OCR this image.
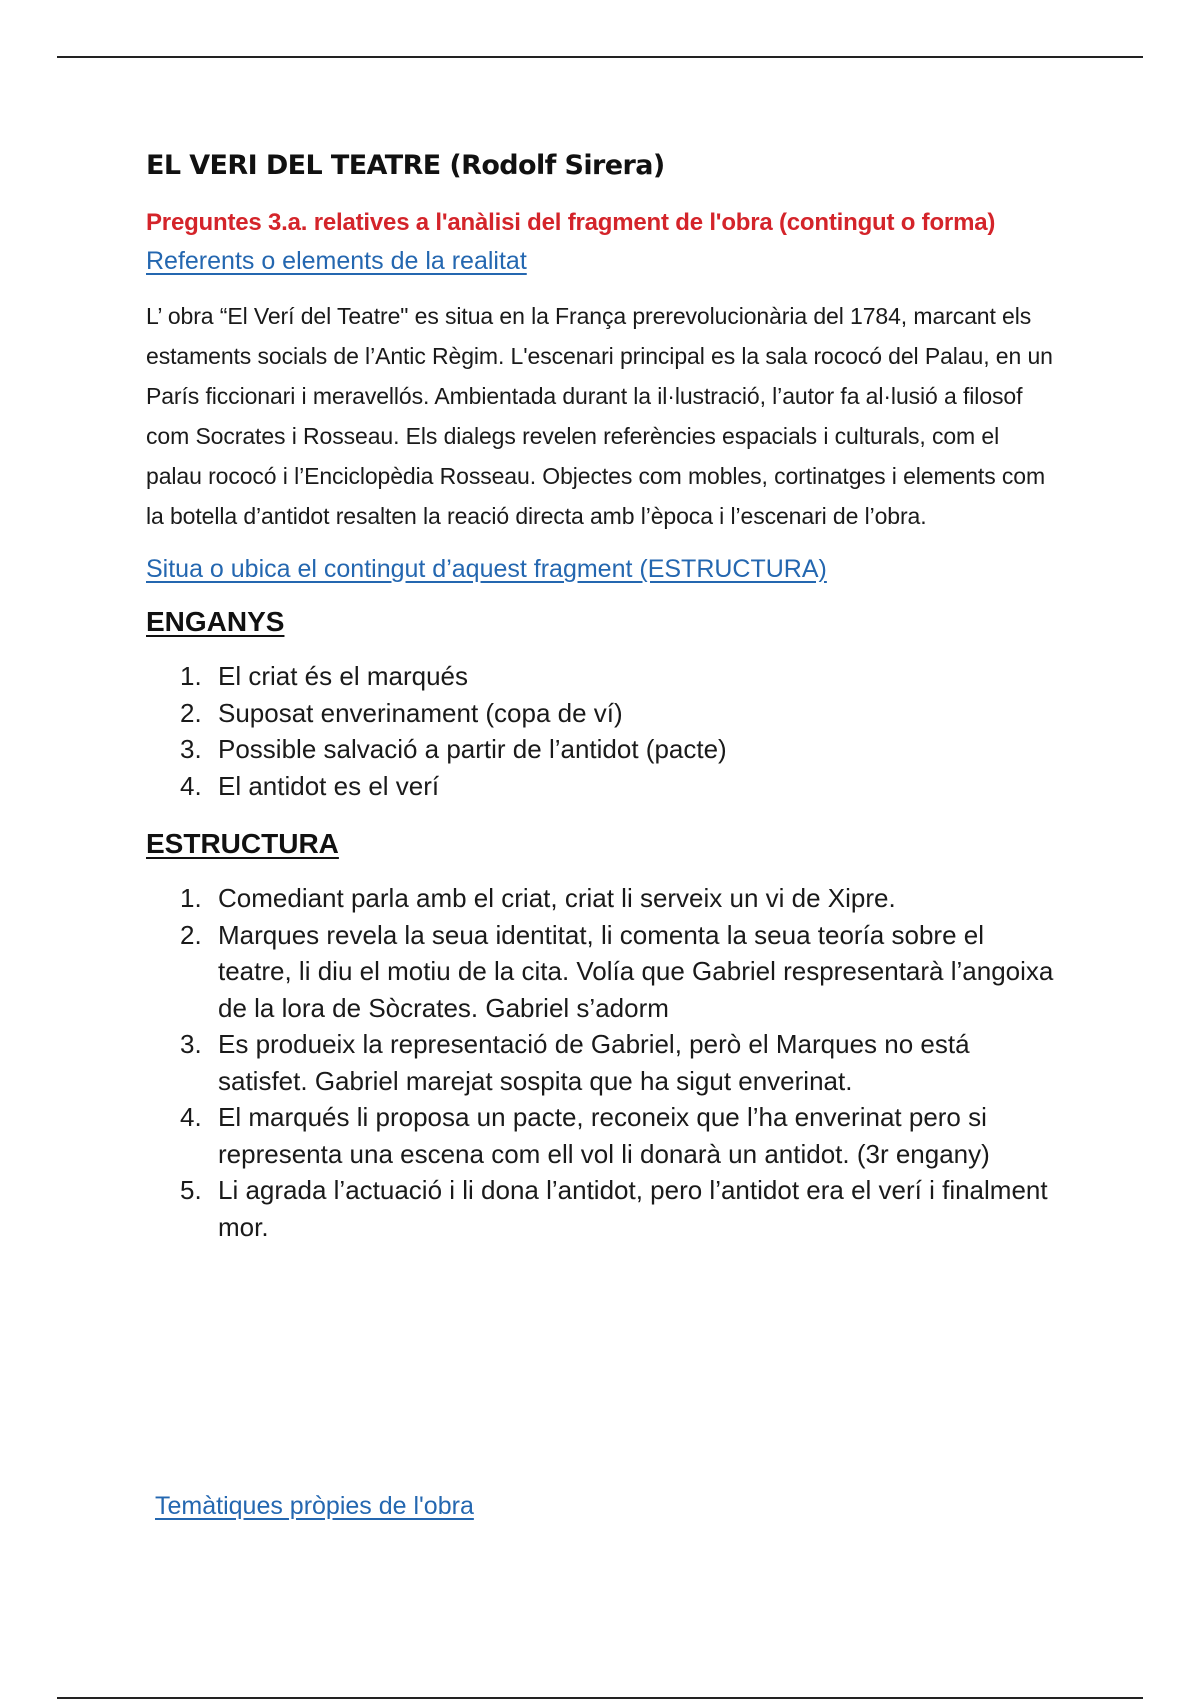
EL VERI DEL TEATRE (Rodolf Sirera)
Preguntes 3.a. relatives a l'anàlisi del fragment de l'obra (contingut o forma)
Referents o elements de la realitat

L’ obra “El Verí del Teatre" es situa en la França prerevolucionària del 1784, marcant els estaments socials de l’Antic Règim. L'escenari principal es la sala rococó del Palau, en un París ficcionari i meravellós. Ambientada durant la il·lustració, l’autor fa al·lusió a filosof com Socrates i Rosseau. Els dialegs revelen referències espacials i culturals, com el palau rococó i l’Enciclopèdia Rosseau. Objectes com mobles, cortinatges i elements com la botella d’antidot resalten la reació directa amb l’època i l’escenari de l’obra.

Situa o ubica el contingut d’aquest fragment (ESTRUCTURA)
ENGANYS
1. El criat és el marqués
2. Suposat enverinament (copa de ví)
3. Possible salvació a partir de l’antidot (pacte)
4. El antidot es el verí
ESTRUCTURA
1. Comediant parla amb el criat, criat li serveix un vi de Xipre.
2. Marques revela la seua identitat, li comenta la seua teoría sobre el teatre, li diu el motiu de la cita. Volía que Gabriel respresentarà l’angoixa de la lora de Sòcrates. Gabriel s’adorm
3. Es produeix la representació de Gabriel, però el Marques no está satisfet. Gabriel marejat sospita que ha sigut enverinat.
4. El marqués li proposa un pacte, reconeix que l’ha enverinat pero si representa una escena com ell vol li donarà un antidot. (3r engany)
5. Li agrada l’actuació i li dona l’antidot, pero l’antidot era el verí i finalment mor.
Temàtiques pròpies de l'obra
